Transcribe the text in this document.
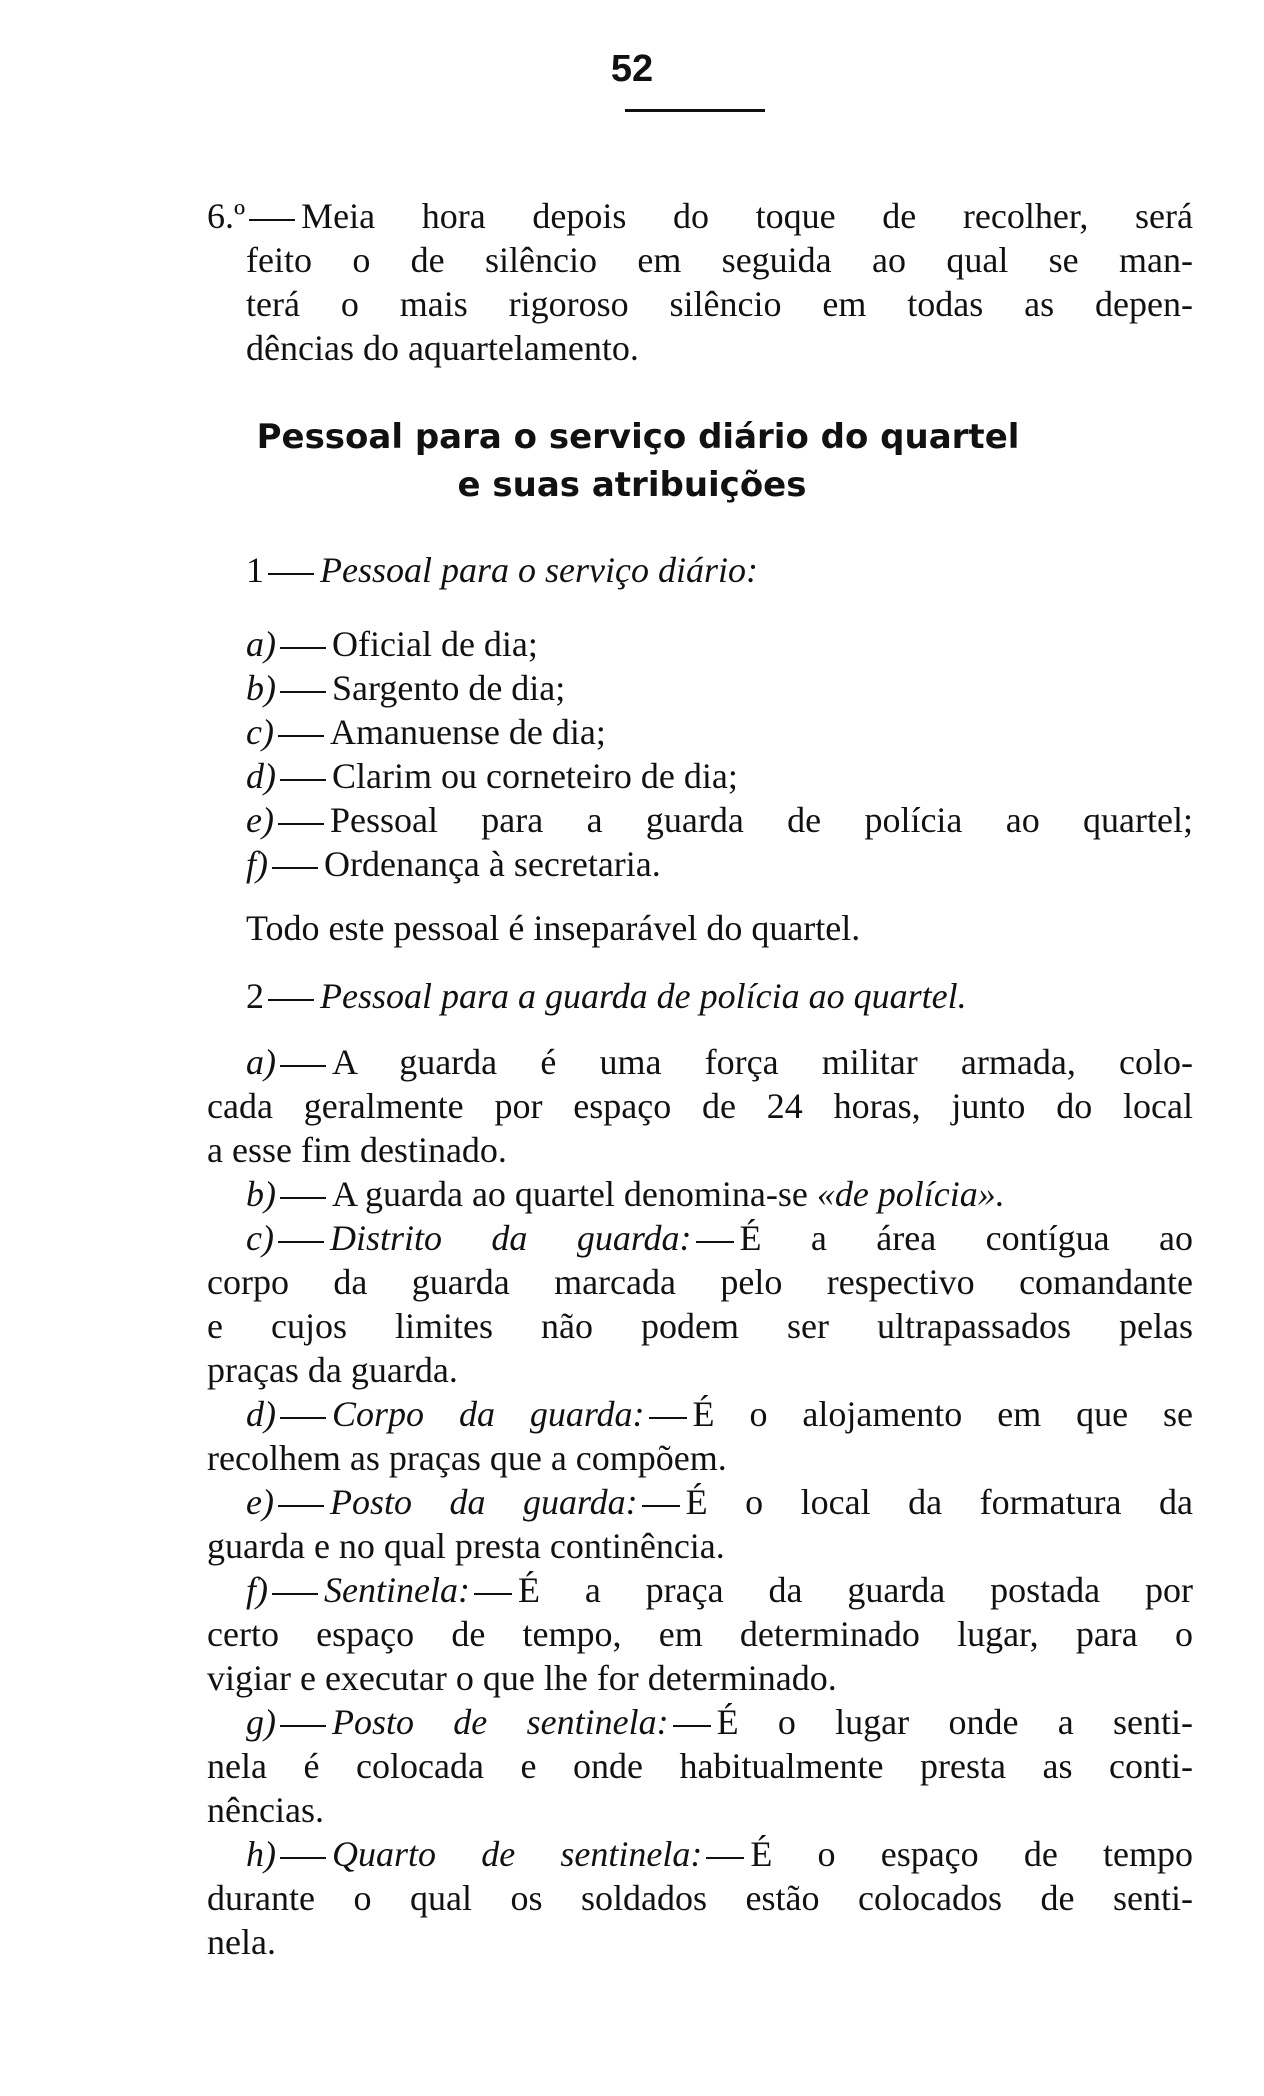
52
6.º Meia hora depois do toque de recolher, será
feito o de silêncio em seguida ao qual se man-
terá o mais rigoroso silêncio em todas as depen-
dências do aquartelamento.
Pessoal para o serviço diário do quartel
e suas atribuições
1 Pessoal para o serviço diário:
a) Oficial de dia;
b) Sargento de dia;
c) Amanuense de dia;
d) Clarim ou corneteiro de dia;
e) Pessoal para a guarda de polícia ao quartel;
f) Ordenança à secretaria.
Todo este pessoal é inseparável do quartel.
2 Pessoal para a guarda de polícia ao quartel.
a) A guarda é uma força militar armada, colo-
cada geralmente por espaço de 24 horas, junto do local
a esse fim destinado.
b) A guarda ao quartel denomina-se «de polícia».
c) Distrito da guarda: É a área contígua ao
corpo da guarda marcada pelo respectivo comandante
e cujos limites não podem ser ultrapassados pelas
praças da guarda.
d) Corpo da guarda: É o alojamento em que se
recolhem as praças que a compõem.
e) Posto da guarda: É o local da formatura da
guarda e no qual presta continência.
f) Sentinela: É a praça da guarda postada por
certo espaço de tempo, em determinado lugar, para o
vigiar e executar o que lhe for determinado.
g) Posto de sentinela: É o lugar onde a senti-
nela é colocada e onde habitualmente presta as conti-
nências.
h) Quarto de sentinela: É o espaço de tempo
durante o qual os soldados estão colocados de senti-
nela.
